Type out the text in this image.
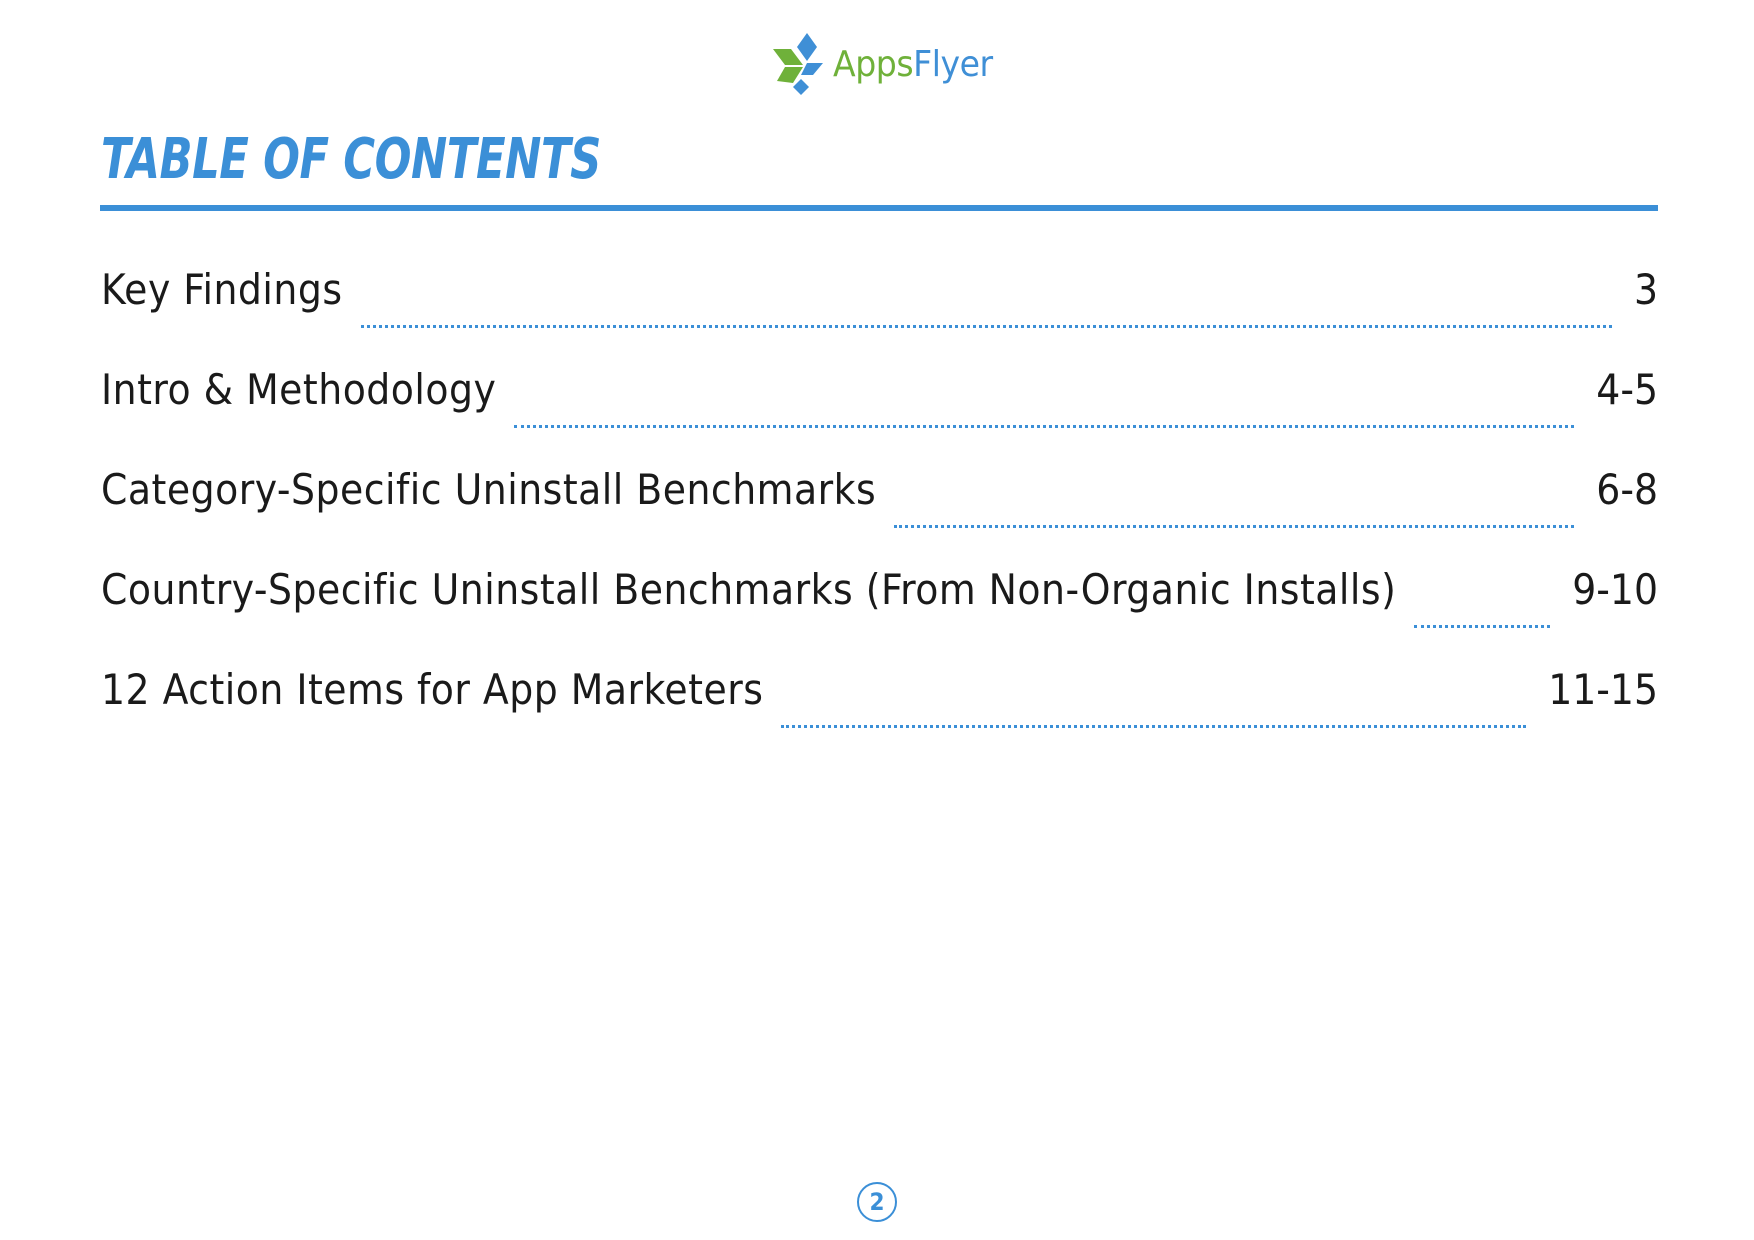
AppsFlyer
TABLE OF CONTENTS
Key Findings	3
Intro & Methodology	4-5
Category-Specific Uninstall Benchmarks	6-8
Country-Specific Uninstall Benchmarks (From Non-Organic Installs)	9-10
12 Action Items for App Marketers	11-15
2
